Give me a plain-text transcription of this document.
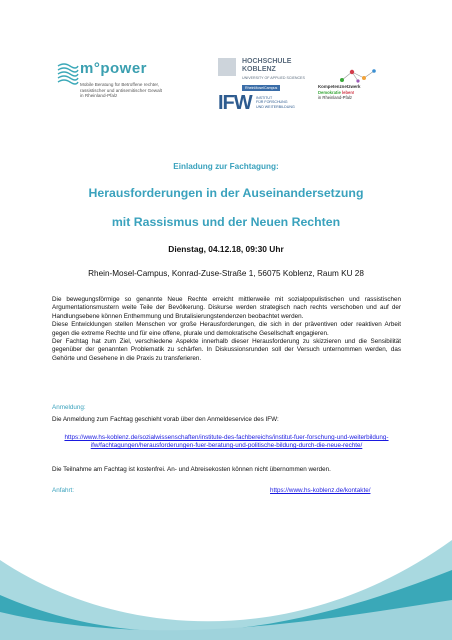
m°power
Mobile Beratung für Betroffene rechter,
rassistischer und antisemitischer Gewalt
in Rheinland-Pfalz
HOCHSCHULE
KOBLENZ
UNIVERSITY OF APPLIED SCIENCES
RheinMoselCampus
IFW INSTITUT
FÜR FORSCHUNG
UND WEITERBILDUNG
Kompetenznetzwerk
Demokratie leben!
in Rheinland-Pfalz
Einladung zur Fachtagung:
Herausforderungen in der Auseinandersetzung
mit Rassismus und der Neuen Rechten
Dienstag, 04.12.18, 09:30 Uhr
Rhein-Mosel-Campus, Konrad-Zuse-Straße 1, 56075 Koblenz, Raum KU 28

Die bewegungsförmige so genannte Neue Rechte erreicht mittlerweile mit sozialpopulistischen und rassistischen Argumentationsmustern weite Teile der Bevölkerung. Diskurse werden strategisch nach rechts verschoben und auf der Handlungsebene können Enthemmung und Brutalisierungstendenzen beobachtet werden.

Diese Entwicklungen stellen Menschen vor große Herausforderungen, die sich in der präventiven oder reaktiven Arbeit gegen die extreme Rechte und für eine offene, plurale und demokratische Gesellschaft engagieren.

Der Fachtag hat zum Ziel, verschiedene Aspekte innerhalb dieser Herausforderung zu skizzieren und die Sensibilität gegenüber der genannten Problematik zu schärfen. In Diskussionsrunden soll der Versuch unternommen werden, das Gehörte und Gesehene in die Praxis zu transferieren.

Anmeldung:
Die Anmeldung zum Fachtag geschieht vorab über den Anmeldeservice des IFW:
https://www.hs-koblenz.de/sozialwissenschaften/institute-des-fachbereichs/institut-fuer-forschung-und-weiterbildung-ifw/fachtagungen/herausforderungen-fuer-beratung-und-politische-bildung-durch-die-neue-rechte/
Die Teilnahme am Fachtag ist kostenfrei. An- und Abreisekosten können nicht übernommen werden.
Anfahrt:	https://www.hs-koblenz.de/kontakte/
